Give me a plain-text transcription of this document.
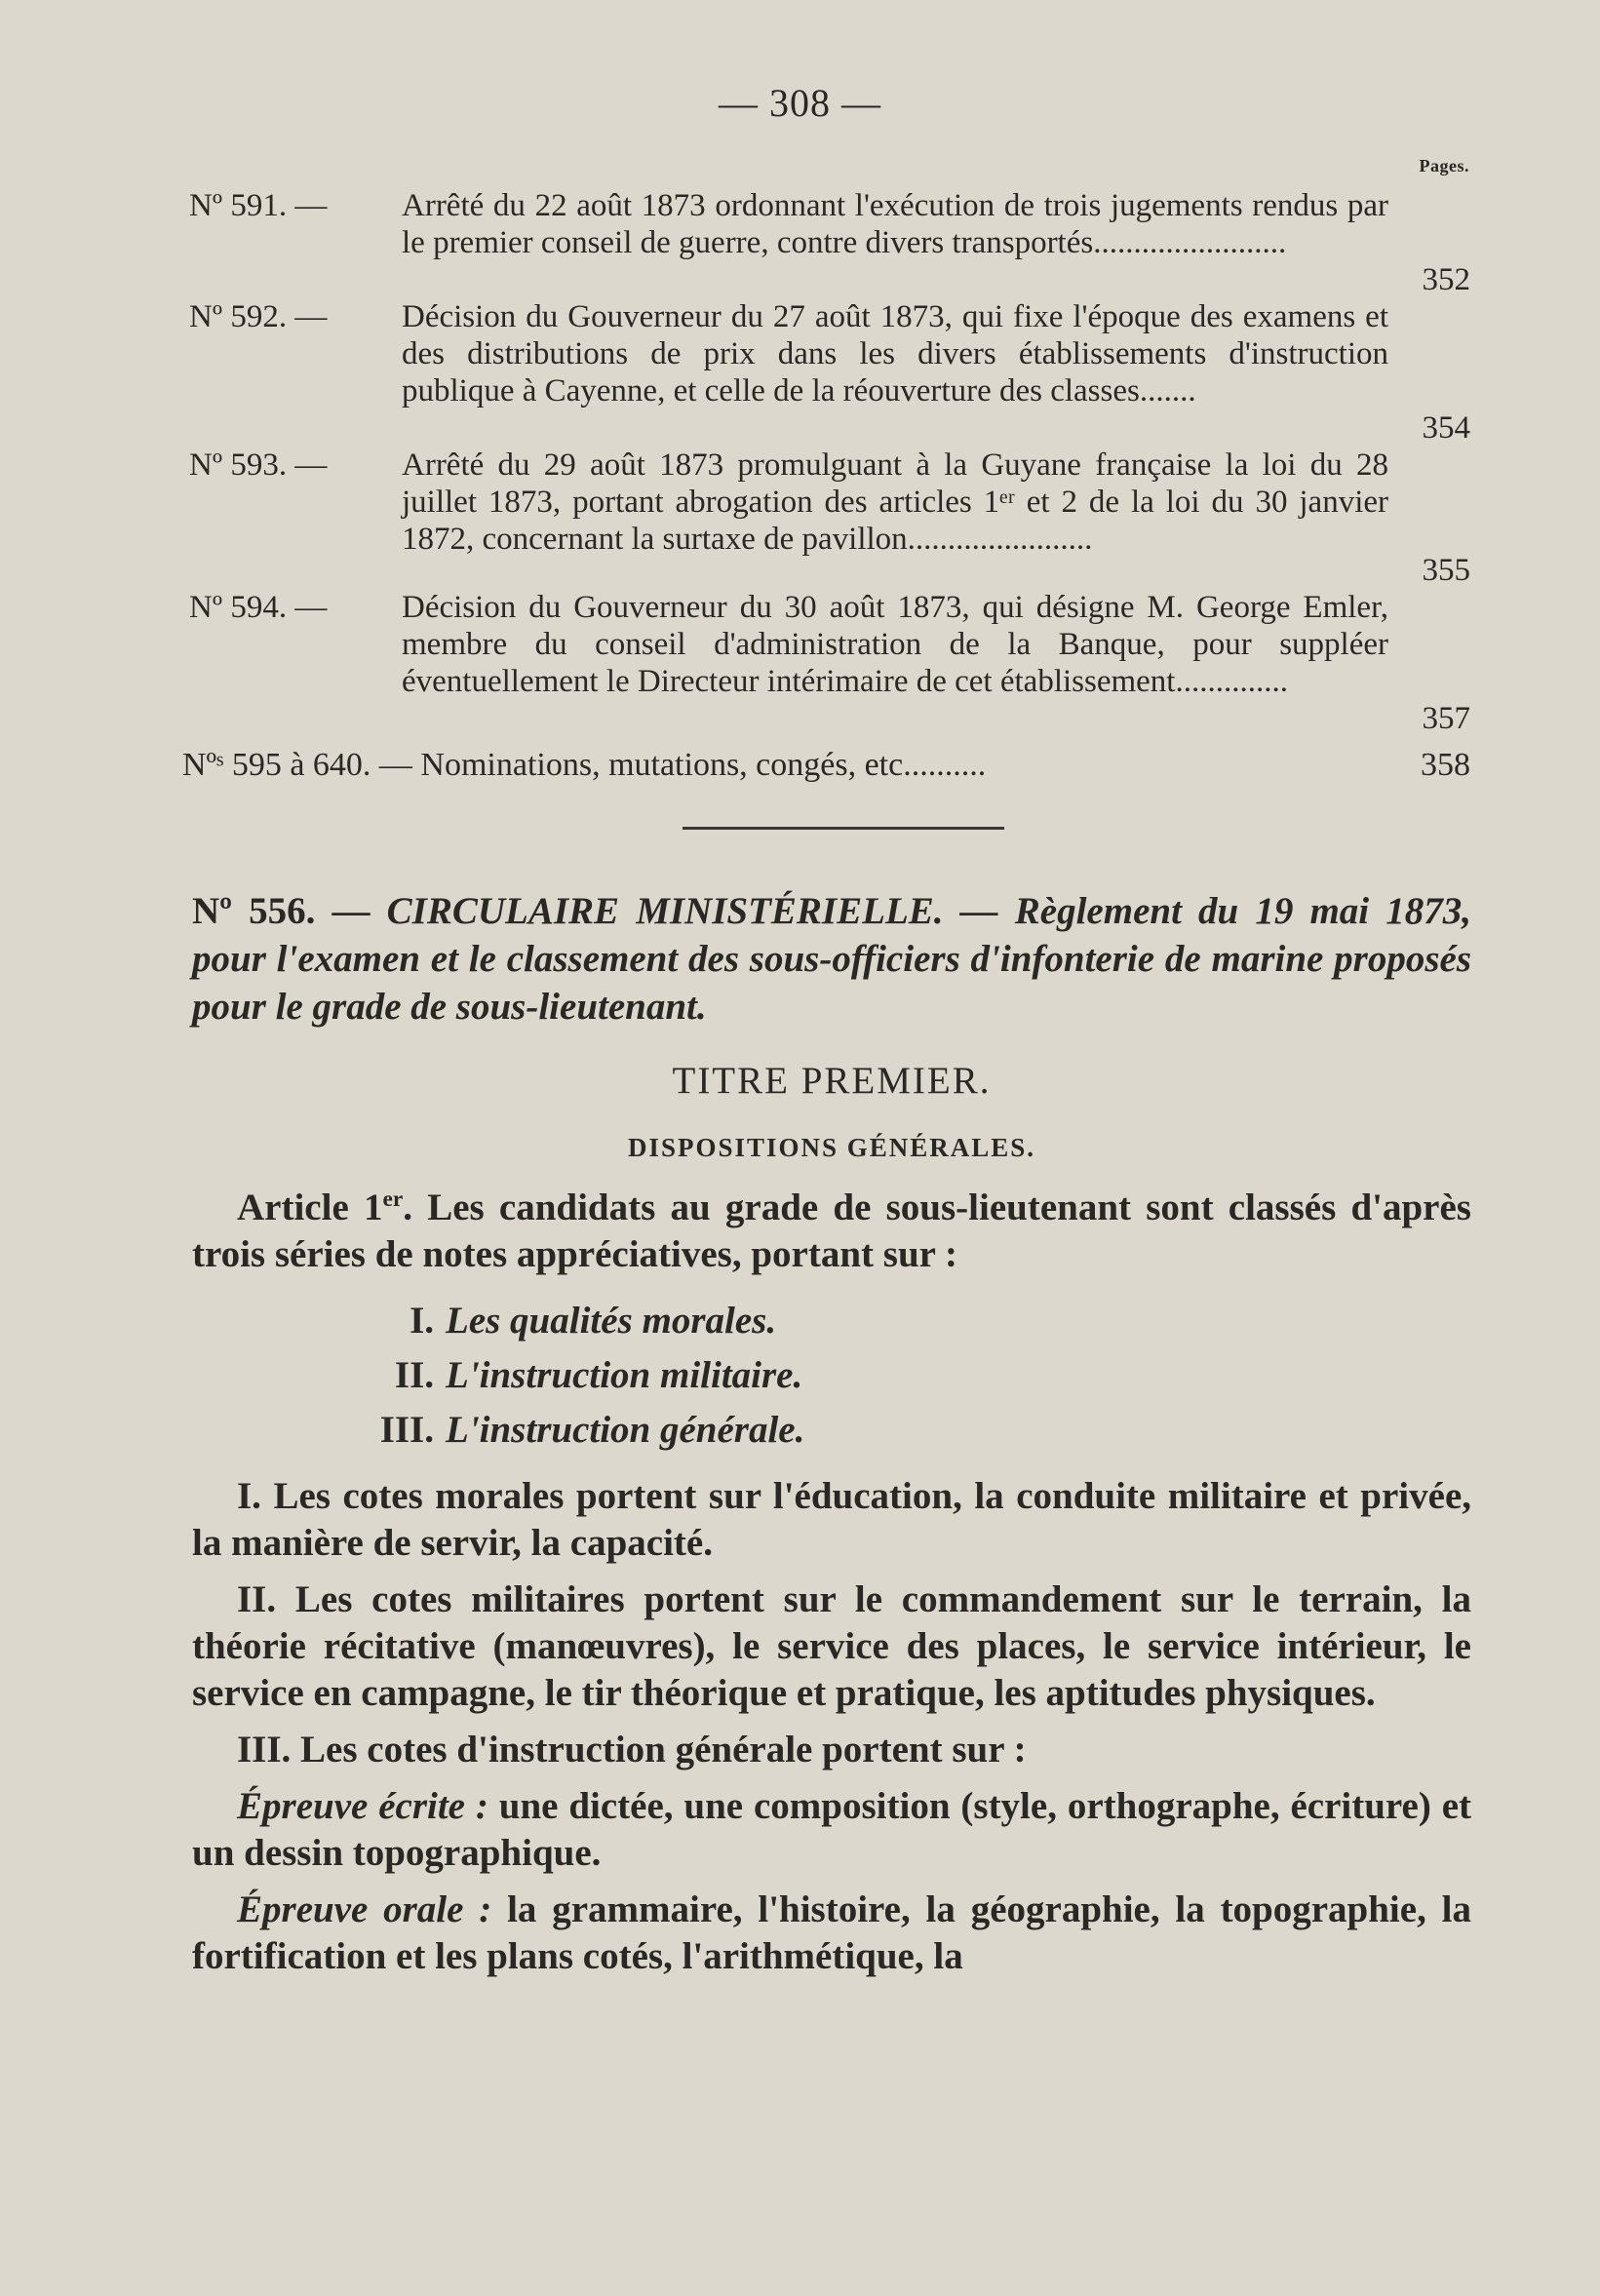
— 308 —
Pages.
Nº 591. — Arrêté du 22 août 1873 ordonnant l'exécution de trois jugements rendus par le premier conseil de guerre, contre divers transportés........................
352
Nº 592. — Décision du Gouverneur du 27 août 1873, qui fixe l'époque des examens et des distributions de prix dans les divers établissements d'instruction publique à Cayenne, et celle de la réouverture des classes.......
354
Nº 593. — Arrêté du 29 août 1873 promulguant à la Guyane française la loi du 28 juillet 1873, portant abrogation des articles 1ᵉʳ et 2 de la loi du 30 janvier 1872, concernant la surtaxe de pavillon.......................
355
Nº 594. — Décision du Gouverneur du 30 août 1873, qui désigne M. George Emler, membre du conseil d'administration de la Banque, pour suppléer éventuellement le Directeur intérimaire de cet établissement..............
357
Nºˢ 595 à 640. — Nominations, mutations, congés, etc..........	358
Nº 556. — CIRCULAIRE MINISTÉRIELLE. — Règlement du 19 mai 1873, pour l'examen et le classement des sous-officiers d'infonterie de marine proposés pour le grade de sous-lieutenant.
TITRE PREMIER.
DISPOSITIONS GÉNÉRALES.

Article 1er. Les candidats au grade de sous-lieutenant sont classés d'après trois séries de notes appréciatives, portant sur :

I. Les qualités morales.
II. L'instruction militaire.
III. L'instruction générale.

I. Les cotes morales portent sur l'éducation, la conduite militaire et privée, la manière de servir, la capacité.

II. Les cotes militaires portent sur le commandement sur le terrain, la théorie récitative (manœuvres), le service des places, le service intérieur, le service en campagne, le tir théorique et pratique, les aptitudes physiques.

III. Les cotes d'instruction générale portent sur :

Épreuve écrite : une dictée, une composition (style, orthographe, écriture) et un dessin topographique.

Épreuve orale : la grammaire, l'histoire, la géographie, la topographie, la fortification et les plans cotés, l'arithmétique, la
